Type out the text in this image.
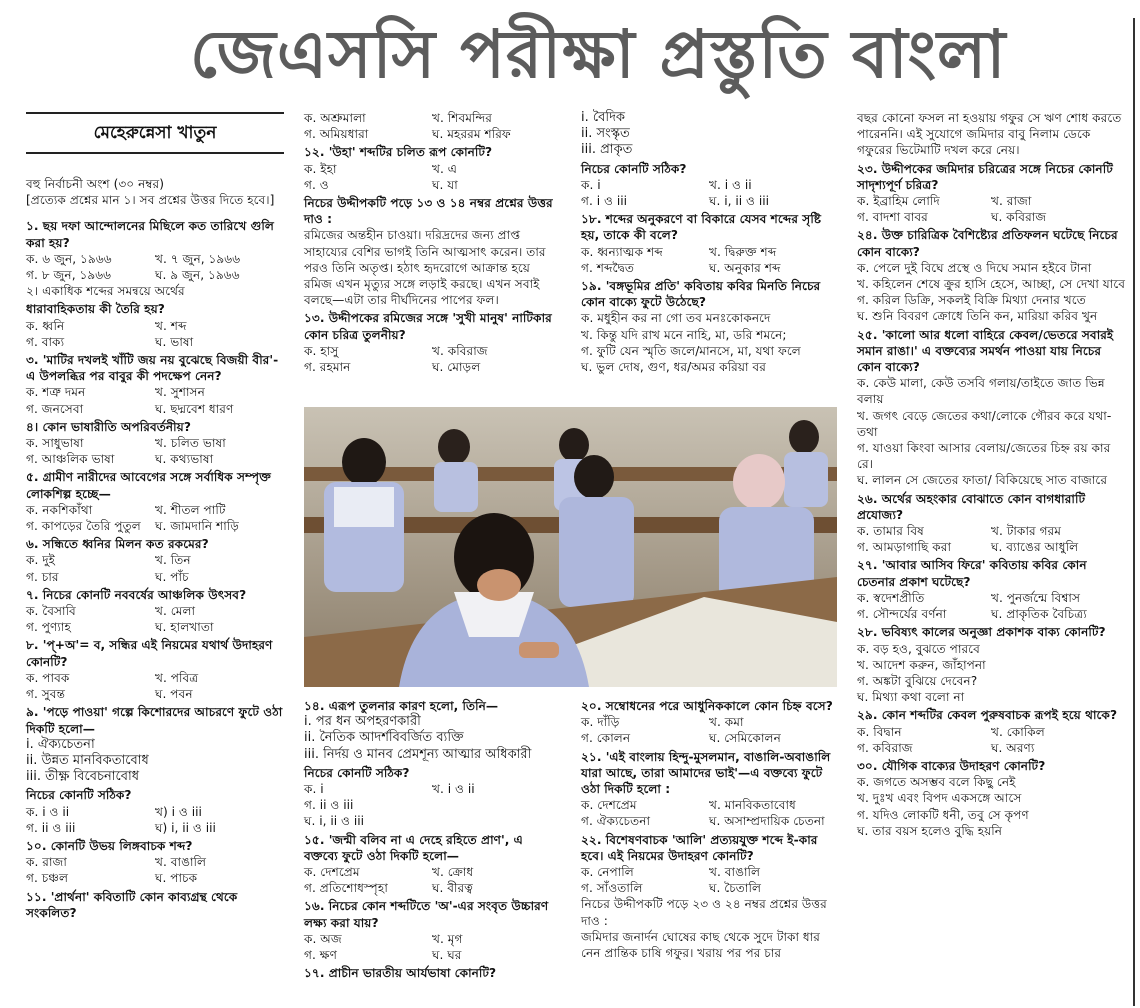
জেএসসি পরীক্ষা প্রস্তুতি বাংলা
মেহেরুন্নেসা খাতুন
বহু নির্বাচনী অংশ (৩০ নম্বর)
[প্রত্যেক প্রশ্নের মান ১। সব প্রশ্নের উত্তর দিতে হবে।]
১. ছয় দফা আন্দোলনের মিছিলে কত তারিখে গুলি করা হয়?
ক. ৬ জুন, ১৯৬৬	খ. ৭ জুন, ১৯৬৬
গ. ৮ জুন, ১৯৬৬	ঘ. ৯ জুন, ১৯৬৬
২। একাধিক শব্দের সমন্বয়ে অর্থের
ধারাবাহিকতায় কী তৈরি হয়?
ক. ধ্বনি	খ. শব্দ
গ. বাক্য	ঘ. ভাষা
৩. 'মাটির দখলই খাঁটি জয় নয় বুঝেছে বিজয়ী বীর'-এ উপলব্ধির পর বাবুর কী পদক্ষেপ নেন?
ক. শত্রু দমন	খ. সুশাসন
গ. জনসেবা	ঘ. ছদ্মবেশ ধারণ
৪। কোন ভাষারীতি অপরিবর্তনীয়?
ক. সাধুভাষা	খ. চলিত ভাষা
গ. আঞ্চলিক ভাষা	ঘ. কথ্যভাষা
৫. গ্রামীণ নারীদের আবেগের সঙ্গে সর্বাধিক সম্পৃক্ত লোকশিল্প হচ্ছে—
ক. নকশিকাঁথা	খ. শীতল পাটি
গ. কাপড়ের তৈরি পুতুল	ঘ. জামদানি শাড়ি
৬. সন্ধিতে ধ্বনির মিলন কত রকমের?
ক. দুই	খ. তিন
গ. চার	ঘ. পাঁচ
৭. নিচের কোনটি নববর্ষের আঞ্চলিক উৎসব?
ক. বৈসাবি	খ. মেলা
গ. পুণ্যাহ	ঘ. হালখাতা
৮. 'প্+অ'= ব, সন্ধির এই নিয়মের যথার্থ উদাহরণ কোনটি?
ক. পাবক	খ. পবিত্র
গ. সুবন্ত	ঘ. পবন
৯. 'পড়ে পাওয়া' গল্পে কিশোরদের আচরণে ফুটে ওঠা দিকটি হলো—
i. ঐক্যচেতনা
ii. উন্নত মানবিকতাবোধ
iii. তীক্ষ্ণ বিবেচনাবোধ
নিচের কোনটি সঠিক?
ক. i ও ii	খ) i ও iii
গ. ii ও iii	ঘ) i, ii ও iii
১০. কোনটি উভয় লিঙ্গবাচক শব্দ?
ক. রাজা	খ. বাঙালি
গ. চঞ্চল	ঘ. পাচক
১১. 'প্রার্থনা' কবিতাটি কোন কাব্যগ্রন্থ থেকে সংকলিত?
ক. অশ্রুমালা	খ. শিবমন্দির
গ. অমিয়ধারা	ঘ. মহররম শরিফ
১২. 'উহা' শব্দটির চলিত রূপ কোনটি?
ক. ইহা	খ. এ
গ. ও	ঘ. যা
নিচের উদ্দীপকটি পড়ে ১৩ ও ১৪ নম্বর প্রশ্নের উত্তর দাও :
রমিজের অন্তহীন চাওয়া। দরিদ্রদের জন্য প্রাপ্ত সাহায্যের বেশির ভাগই তিনি আত্মসাৎ করেন। তার পরও তিনি অতৃপ্ত। হঠাৎ হৃদরোগে আক্রান্ত হয়ে রমিজ এখন মৃত্যুর সঙ্গে লড়াই করছে। এখন সবাই বলছে—এটা তার দীর্ঘদিনের পাপের ফল।
১৩. উদ্দীপকের রমিজের সঙ্গে 'সুখী মানুষ' নাটিকার কোন চরিত্র তুলনীয়?
ক. হাসু	খ. কবিরাজ
গ. রহমান	ঘ. মোড়ল
i. বৈদিক
ii. সংস্কৃত
iii. প্রাকৃত
নিচের কোনটি সঠিক?
ক. i	খ. i ও ii
গ. i ও iii	ঘ. i, ii ও iii
১৮. শব্দের অনুকরণে বা বিকারে যেসব শব্দের সৃষ্টি হয়, তাকে কী বলে?
ক. ধ্বন্যাত্মক শব্দ	খ. দ্বিরুক্ত শব্দ
গ. শব্দদ্বৈত	ঘ. অনুকার শব্দ
১৯. 'বঙ্গভূমির প্রতি' কবিতায় কবির মিনতি নিচের কোন বাক্যে ফুটে উঠেছে?
ক. মধুহীন কর না গো তব মনঃকোকনদে
খ. কিন্তু যদি রাখ মনে নাহি, মা, ডরি শমনে;
গ. ফুটি যেন স্মৃতি জলে/মানসে, মা, যথা ফলে
ঘ. ভুল দোষ, গুণ, ধর/অমর করিয়া বর
বছর কোনো ফসল না হওয়ায় গফুর সে ঋণ শোধ করতে পারেননি। এই সুযোগে জমিদার বাবু নিলাম ডেকে গফুরের ভিটেমাটি দখল করে নেয়।
২৩. উদ্দীপকের জমিদার চরিত্রের সঙ্গে নিচের কোনটি সাদৃশ্যপূর্ণ চরিত্র?
ক. ইব্রাহিম লোদি	খ. রাজা
গ. বাদশা বাবর	ঘ. কবিরাজ
২৪. উক্ত চারিত্রিক বৈশিষ্ট্যের প্রতিফলন ঘটেছে নিচের কোন বাক্যে?
ক. পেলে দুই বিঘে প্রস্থে ও দিঘে সমান হইবে টানা
খ. কহিলেন শেষে ক্রুর হাসি হেসে, আচ্ছা, সে দেখা যাবে
গ. করিল ডিক্রি, সকলই বিক্রি মিথ্যা দেনার খতে
ঘ. শুনি বিবরণ ক্রোধে তিনি কন, মারিয়া করিব খুন
২৫. 'কালো আর ধলো বাহিরে কেবল/ভেতরে সবারই সমান রাঙা।' এ বক্তব্যের সমর্থন পাওয়া যায় নিচের কোন বাক্যে?
ক. কেউ মালা, কেউ তসবি গলায়/তাইতে জাত ভিন্ন বলায়
খ. জগৎ বেড়ে জেতের কথা/লোকে গৌরব করে যথা-তথা
গ. যাওয়া কিংবা আসার বেলায়/জেতের চিহ্ন রয় কার রে।
ঘ. লালন সে জেতের ফাতা/ বিকিয়েছে সাত বাজারে
২৬. অর্থের অহংকার বোঝাতে কোন বাগধারাটি প্রযোজ্য?
ক. তামার বিষ	খ. টাকার গরম
গ. আমড়াগাছি করা	ঘ. ব্যাঙের আধুলি
২৭. 'আবার আসিব ফিরে' কবিতায় কবির কোন চেতনার প্রকাশ ঘটেছে?
ক. স্বদেশপ্রীতি	খ. পুনর্জন্মে বিশ্বাস
গ. সৌন্দর্যের বর্ণনা	ঘ. প্রাকৃতিক বৈচিত্র্য
২৮. ভবিষ্যৎ কালের অনুজ্ঞা প্রকাশক বাক্য কোনটি?
ক. বড় হও, বুঝতে পারবে
খ. আদেশ করুন, জাঁহাপনা
গ. অঙ্কটা বুঝিয়ে দেবেন?
ঘ. মিথ্যা কথা বলো না
২৯. কোন শব্দটির কেবল পুরুষবাচক রূপই হয়ে থাকে?
ক. বিদ্বান	খ. কোকিল
গ. কবিরাজ	ঘ. অরণ্য
৩০. যৌগিক বাক্যের উদাহরণ কোনটি?
ক. জগতে অসম্ভব বলে কিছু নেই
খ. দুঃখ এবং বিপদ একসঙ্গে আসে
গ. যদিও লোকটি ধনী, তবু সে কৃপণ
ঘ. তার বয়স হলেও বুদ্ধি হয়নি
১৪. এরূপ তুলনার কারণ হলো, তিনি—
i. পর ধন অপহরণকারী
ii. নৈতিক আদর্শবিবর্জিত ব্যক্তি
iii. নির্দয় ও মানব প্রেমশূন্য আত্মার অধিকারী
নিচের কোনটি সঠিক?
ক. i	খ. i ও ii
গ. ii ও iii
ঘ. i, ii ও iii
১৫. 'জন্মী বলিব না এ দেহে রহিতে প্রাণ', এ বক্তব্যে ফুটে ওঠা দিকটি হলো—
ক. দেশপ্রেম	খ. ক্রোধ
গ. প্রতিশোধস্পৃহা	ঘ. বীরত্ব
১৬. নিচের কোন শব্দটিতে 'অ'-এর সংবৃত উচ্চারণ লক্ষ্য করা যায়?
ক. অজ	খ. মৃগ
গ. ক্ষণ	ঘ. ঘর
১৭. প্রাচীন ভারতীয় আর্যভাষা কোনটি?
২০. সম্বোধনের পরে আধুনিককালে কোন চিহ্ন বসে?
ক. দাঁড়ি	খ. কমা
গ. কোলন	ঘ. সেমিকোলন
২১. 'এই বাংলায় হিন্দু-মুসলমান, বাঙালি-অবাঙালি যারা আছে, তারা আমাদের ভাই'—এ বক্তব্যে ফুটে ওঠা দিকটি হলো :
ক. দেশপ্রেম	খ. মানবিকতাবোধ
গ. ঐক্যচেতনা	ঘ. অসাম্প্রদায়িক চেতনা
২২. বিশেষণবাচক 'আলি' প্রত্যয়যুক্ত শব্দে ই-কার হবে। এই নিয়মের উদাহরণ কোনটি?
ক. নেপালি	খ. বাঙালি
গ. সাঁওতালি	ঘ. চৈতালি
নিচের উদ্দীপকটি পড়ে ২৩ ও ২৪ নম্বর প্রশ্নের উত্তর দাও :
জমিদার জনার্দন ঘোষের কাছ থেকে সুদে টাকা ধার নেন প্রান্তিক চাষি গফুর। খরায় পর পর চার
